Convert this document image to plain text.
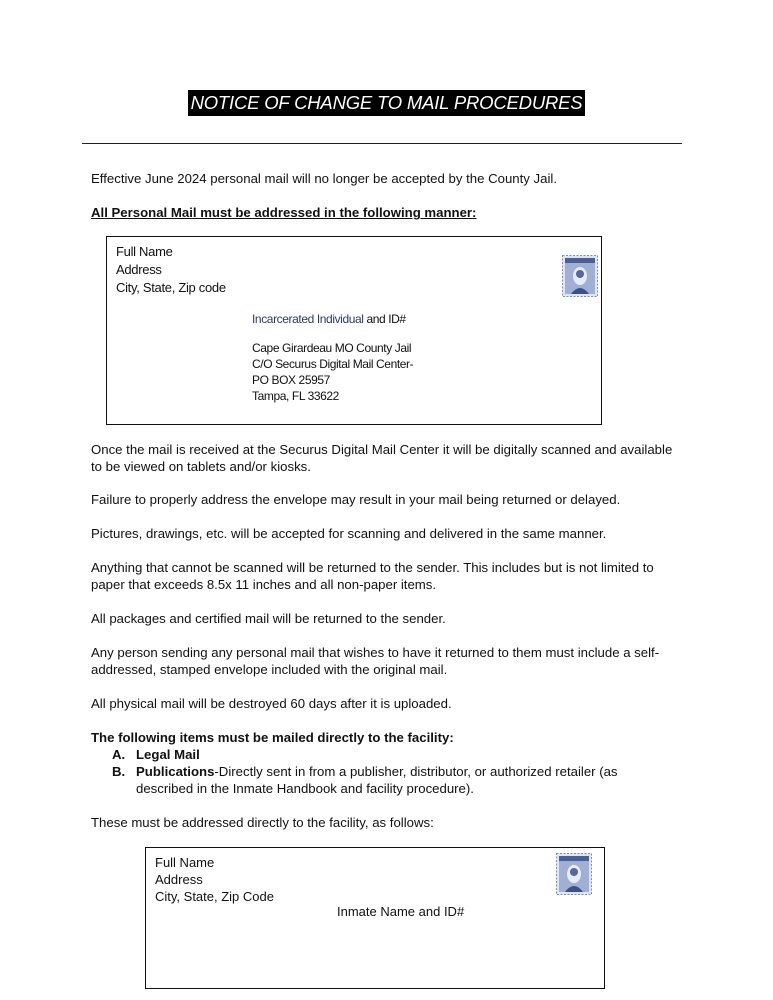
NOTICE OF CHANGE TO MAIL PROCEDURES
Effective June 2024 personal mail will no longer be accepted by the County Jail.
All Personal Mail must be addressed in the following manner:
Full Name
Address
City, State, Zip code
Incarcerated Individual and ID#
Cape Girardeau MO County Jail
C/O Securus Digital Mail Center-
PO BOX 25957
Tampa, FL 33622
Once the mail is received at the Securus Digital Mail Center it will be digitally scanned and available to be viewed on tablets and/or kiosks.
Failure to properly address the envelope may result in your mail being returned or delayed.
Pictures, drawings, etc. will be accepted for scanning and delivered in the same manner.
Anything that cannot be scanned will be returned to the sender. This includes but is not limited to paper that exceeds 8.5x 11 inches and all non-paper items.
All packages and certified mail will be returned to the sender.
Any person sending any personal mail that wishes to have it returned to them must include a self-addressed, stamped envelope included with the original mail.
All physical mail will be destroyed 60 days after it is uploaded.
The following items must be mailed directly to the facility:
A. Legal Mail
B. Publications-Directly sent in from a publisher, distributor, or authorized retailer (as described in the Inmate Handbook and facility procedure).
These must be addressed directly to the facility, as follows:
Full Name
Address
City, State, Zip Code
Inmate Name and ID#
